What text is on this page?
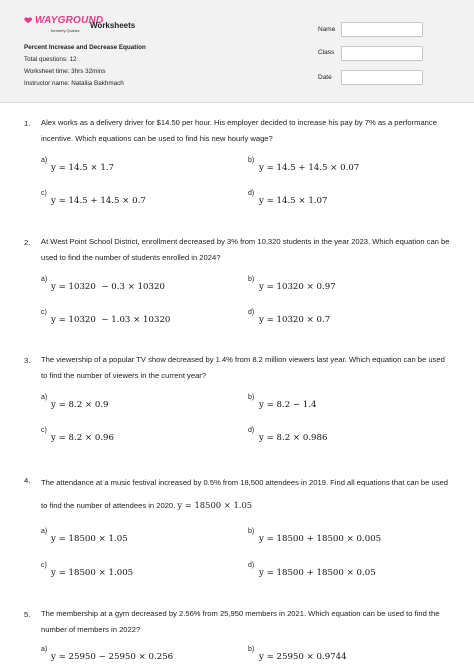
❤ WAYGROUND
formerly Quizizz
Worksheets
Percent Increase and Decrease Equation
Total questions: 12
Worksheet time: 3hrs 32mins
Instructor name: Nataliia Bakhmach
Name
Class
Date
1. Alex works as a delivery driver for $14.50 per hour. His employer decided to increase his pay by 7% as a performance incentive. Which equations can be used to find his new hourly wage?
a)
y = 14.5 × 1.7
b)
y = 14.5 + 14.5 × 0.07
c)
y = 14.5 + 14.5 × 0.7
d)
y = 14.5 × 1.07
2. At West Point School District, enrollment decreased by 3% from 10,320 students in the year 2023. Which equation can be used to find the number of students enrolled in 2024?
a)
y = 10320  − 0.3 × 10320
b)
y = 10320 × 0.97
c)
y = 10320  − 1.03 × 10320
d)
y = 10320 × 0.7
3. The viewership of a popular TV show decreased by 1.4% from 8.2 million viewers last year. Which equation can be used to find the number of viewers in the current year?
a)
y = 8.2 × 0.9
b)
y = 8.2 − 1.4
c)
y = 8.2 × 0.96
d)
y = 8.2 × 0.986
4. The attendance at a music festival increased by 0.5% from 18,500 attendees in 2019. Find all equations that can be used to find the number of attendees in 2020. y = 18500 × 1.05
a)
y = 18500 × 1.05
b)
y = 18500 + 18500 × 0.005
c)
y = 18500 × 1.005
d)
y = 18500 + 18500 × 0.05
5. The membership at a gym decreased by 2.56% from 25,950 members in 2021. Which equation can be used to find the number of members in 2022?
a)
y = 25950 − 25950 × 0.256
b)
y = 25950 × 0.9744
